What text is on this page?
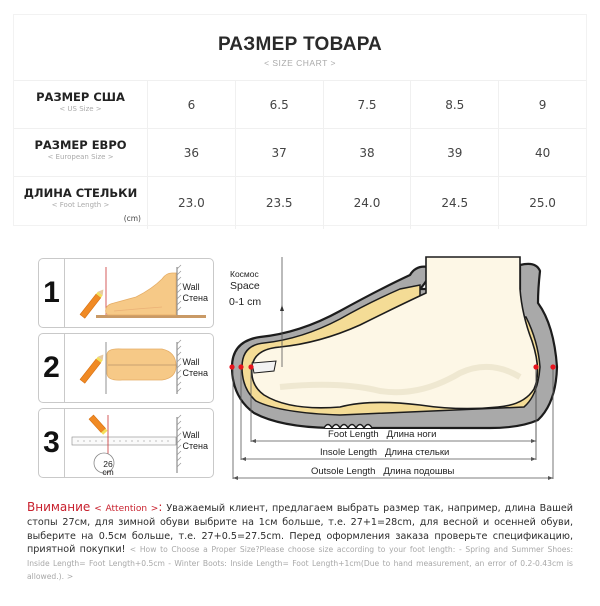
РАЗМЕР ТОВАРА
< SIZE CHART >
РАЗМЕР США
< US Size >	6	6.5	7.5	8.5	9
РАЗМЕР ЕВРО
< European Size >	36	37	38	39	40
ДЛИНА СТЕЛЬКИ
< Foot Length >
(cm)
23.0	23.5	24.0	24.5	25.0
1	Wall
Стена
2	Wall
Стена
3
26
cm
Wall
Стена
Космос
Space
0-1 cm
Foot Length Длина ноги
Insole Length Длина стельки
Outsole Length Длина подошвы
Внимание < Attention >: Уважаемый клиент, предлагаем выбрать размер так, например, длина Вашей стопы 27cм, для зимной обуви выбрите на 1cм больше, т.е. 27+1=28cm, для весной и осенней обуви, выберите на 0.5cм больше, т.е. 27+0.5=27.5cm. Перед оформления заказа проверьте спецификацию, приятной покупки! < How to Choose a Proper Size?Please choose size according to your foot length: - Spring and Summer Shoes: Inside Length= Foot Length+0.5cm - Winter Boots: Inside Length= Foot Length+1cm(Due to hand measurement, an error of 0.2-0.43cm is allowed.). >
